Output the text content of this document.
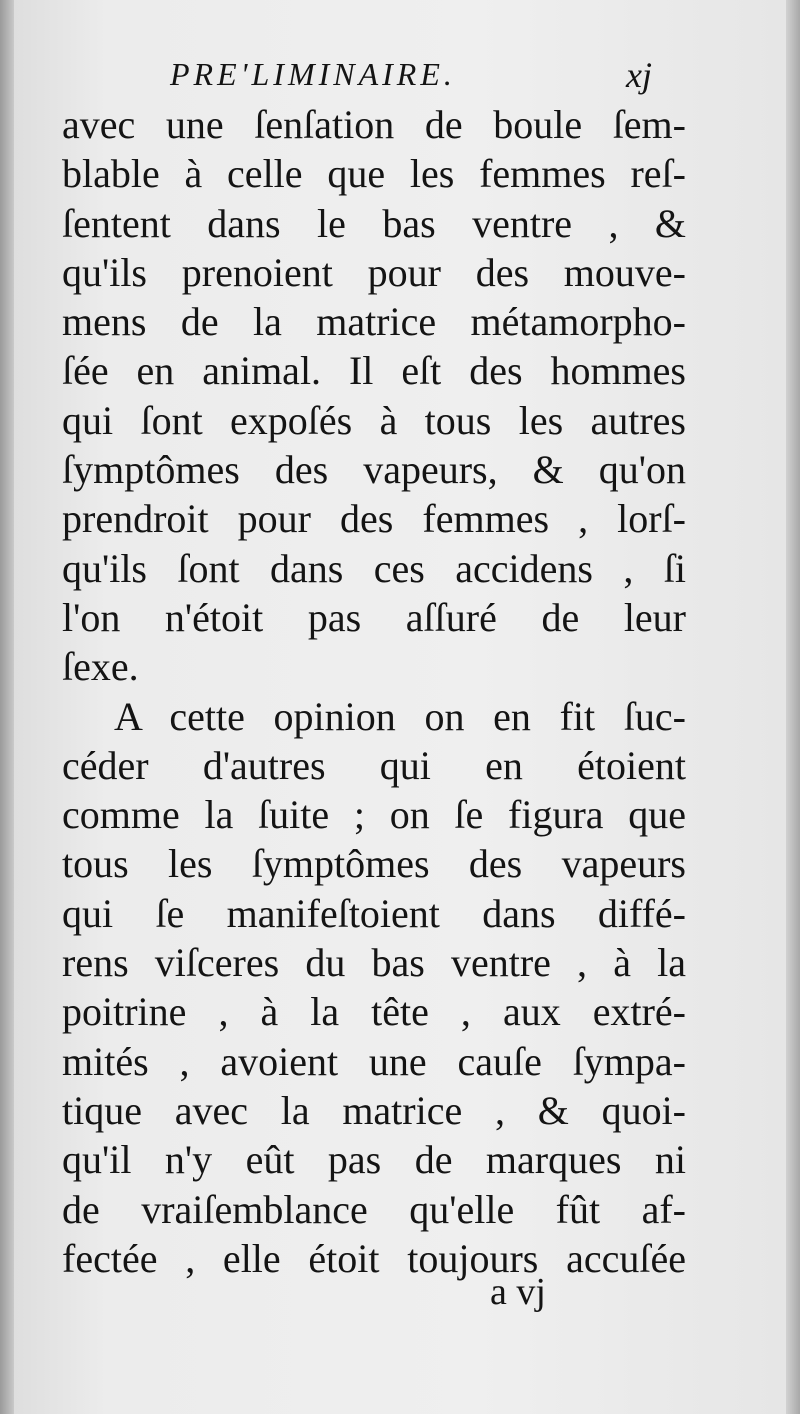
PRE'LIMINAIRE.	xj

avec une ſenſation de boule ſem-
blable à celle que les femmes reſ-
ſentent dans le bas ventre , &
qu'ils prenoient pour des mouve-
mens de la matrice métamorpho-
ſée en animal. Il eſt des hommes
qui ſont expoſés à tous les autres
ſymptômes des vapeurs, & qu'on
prendroit pour des femmes , lorſ-
qu'ils ſont dans ces accidens , ſi
l'on n'étoit pas aſſuré de leur
ſexe.
A cette opinion on en fit ſuc-
céder d'autres qui en étoient
comme la ſuite ; on ſe figura que
tous les ſymptômes des vapeurs
qui ſe manifeſtoient dans diffé-
rens viſceres du bas ventre , à la
poitrine , à la tête , aux extré-
mités , avoient une cauſe ſympa-
tique avec la matrice , & quoi-
qu'il n'y eût pas de marques ni
de vraiſemblance qu'elle fût af-
fectée , elle étoit toujours accuſée

a vj
